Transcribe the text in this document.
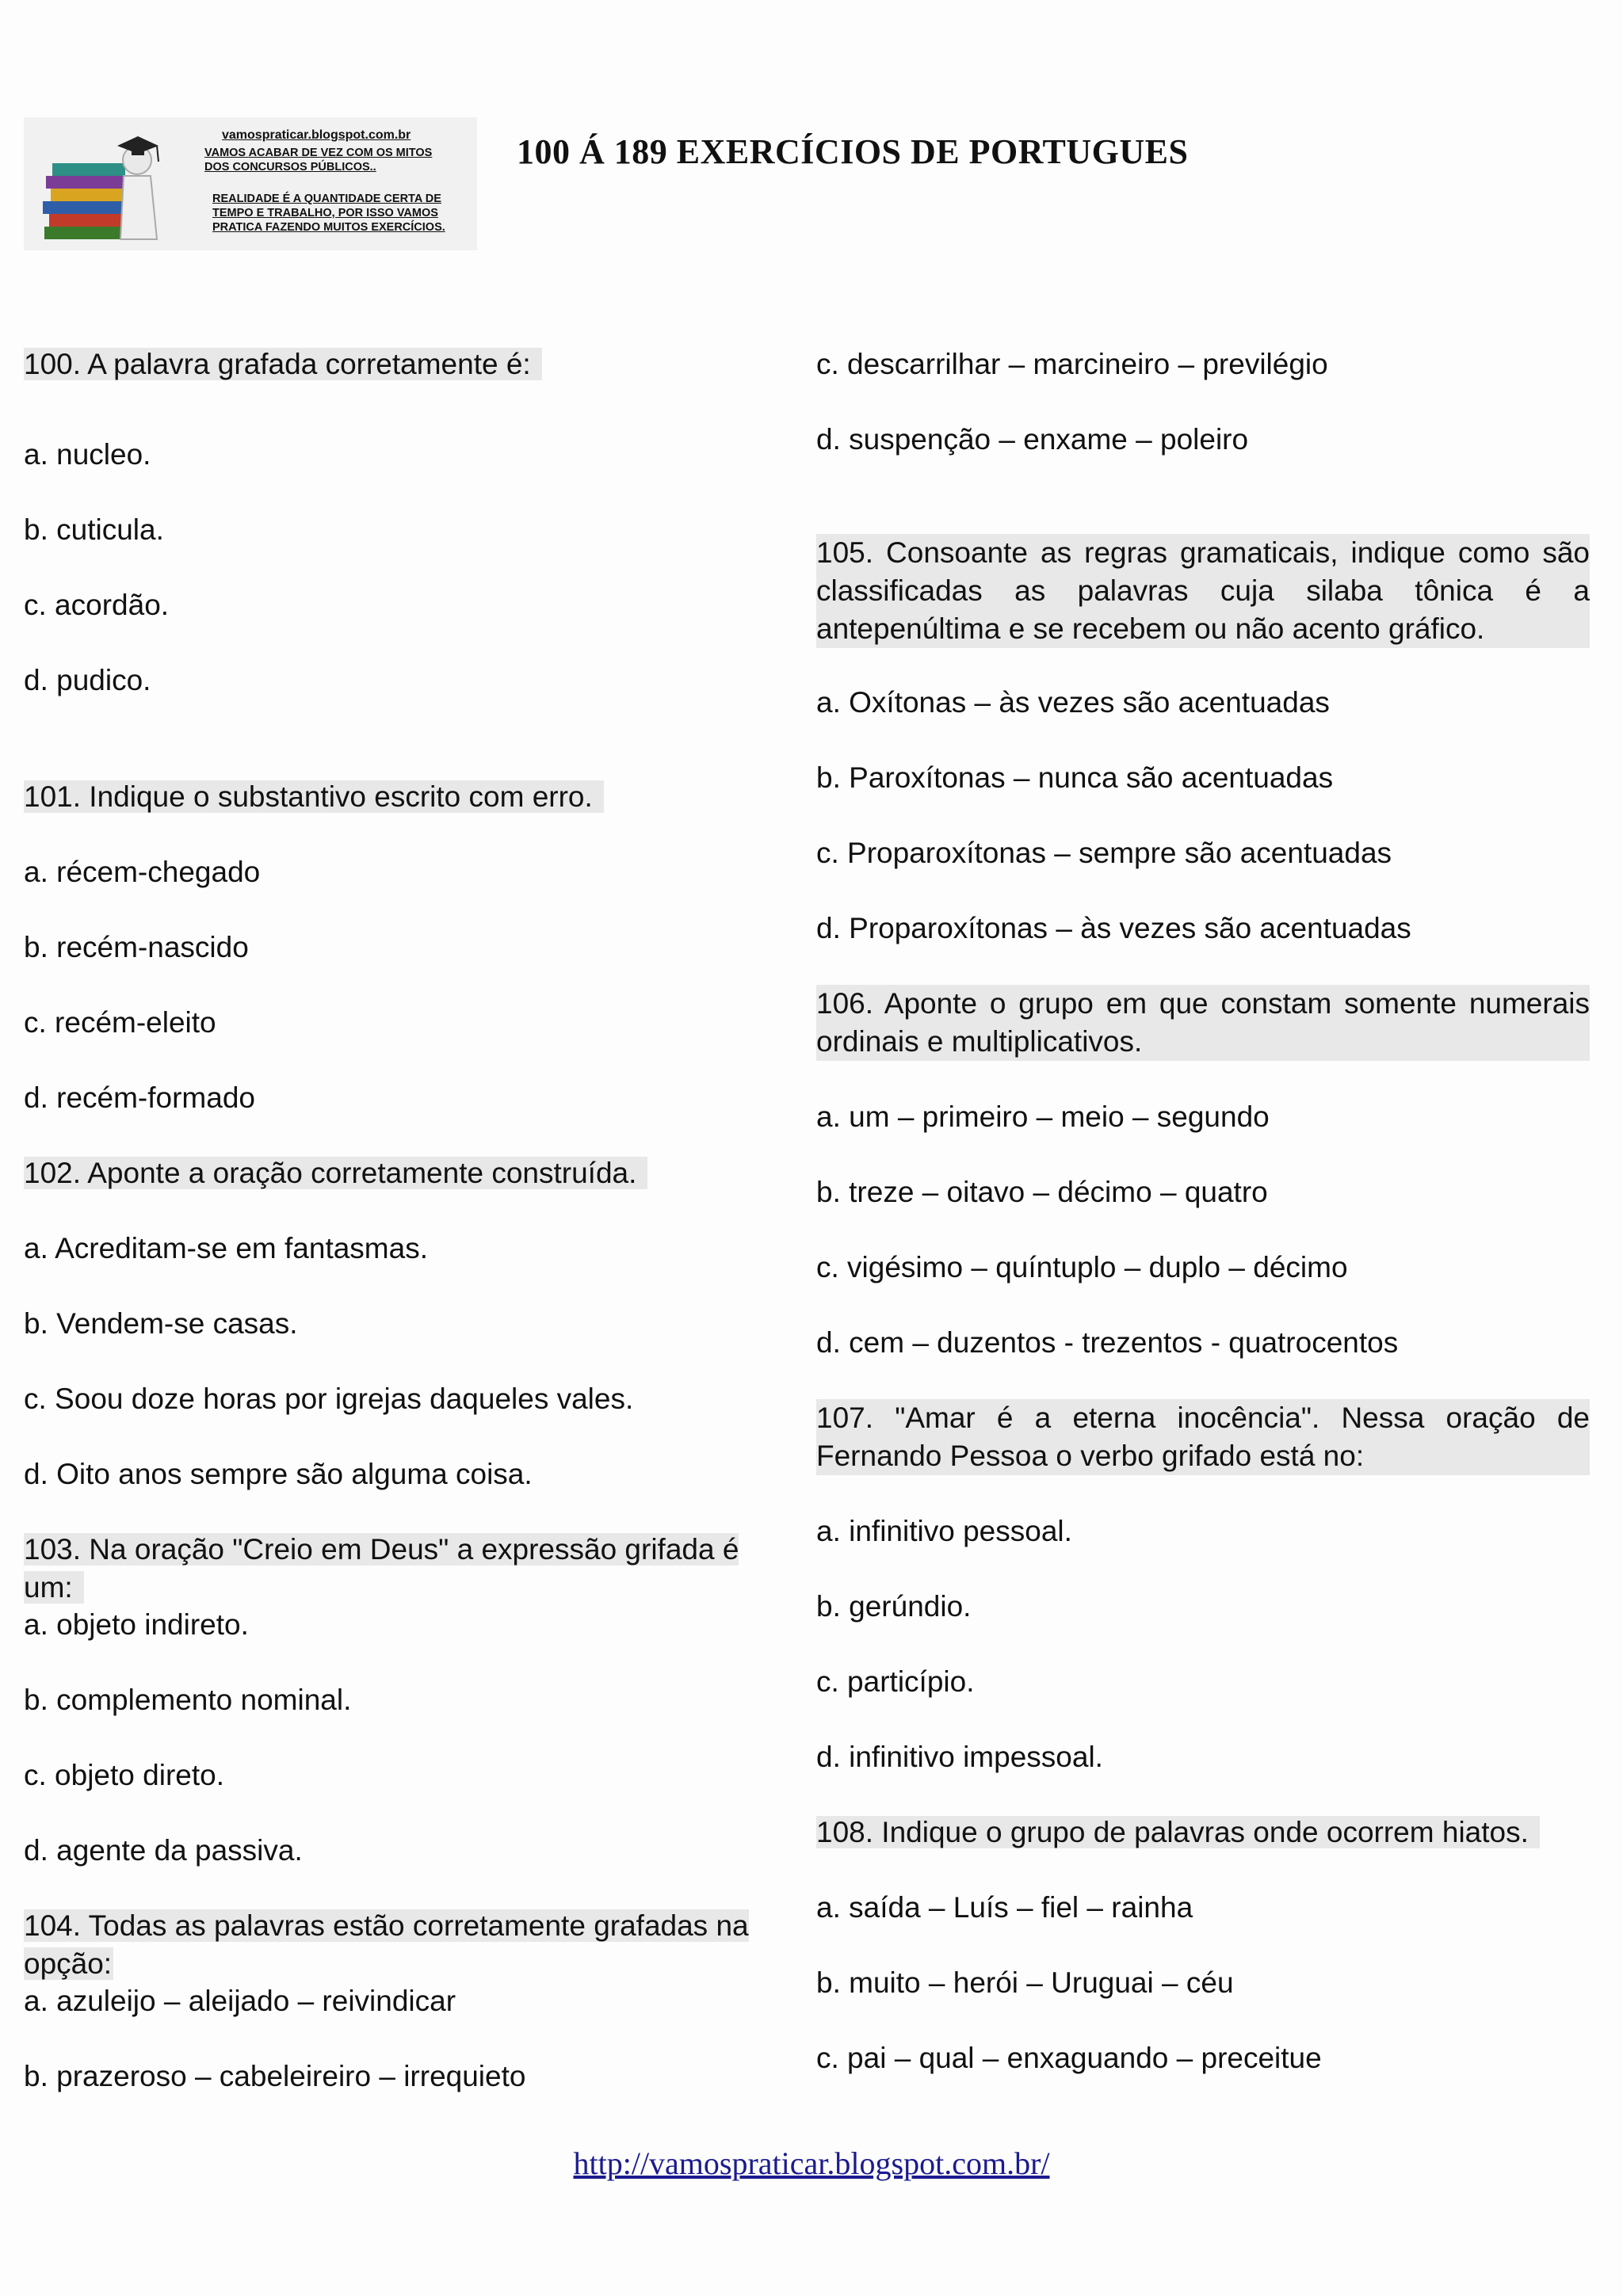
vamospraticar.blogspot.com.br
VAMOS ACABAR DE VEZ COM OS MITOS
DOS CONCURSOS PÚBLICOS..
REALIDADE É A QUANTIDADE CERTA DE
TEMPO E TRABALHO, POR ISSO VAMOS
PRATICA FAZENDO MUITOS EXERCÍCIOS.
100 Á 189 EXERCÍCIOS DE PORTUGUES
100. A palavra grafada corretamente é:
a. nucleo.
b. cuticula.
c. acordão.
d. pudico.
101. Indique o substantivo escrito com erro.
a. récem-chegado
b. recém-nascido
c. recém-eleito
d. recém-formado
102. Aponte a oração corretamente construída.
a. Acreditam-se em fantasmas.
b. Vendem-se casas.
c. Soou doze horas por igrejas daqueles vales.
d. Oito anos sempre são alguma coisa.
103. Na oração "Creio em Deus" a expressão grifada é um:
a. objeto indireto.
b. complemento nominal.
c. objeto direto.
d. agente da passiva.
104. Todas as palavras estão corretamente grafadas na opção:
a. azuleijo – aleijado – reivindicar
b. prazeroso – cabeleireiro – irrequieto
c. descarrilhar – marcineiro – previlégio
d. suspenção – enxame – poleiro
105. Consoante as regras gramaticais, indique como são classificadas as palavras cuja silaba tônica é a antepenúltima e se recebem ou não acento gráfico.
a. Oxítonas – às vezes são acentuadas
b. Paroxítonas – nunca são acentuadas
c. Proparoxítonas – sempre são acentuadas
d. Proparoxítonas – às vezes são acentuadas
106. Aponte o grupo em que constam somente numerais ordinais e multiplicativos.
a. um – primeiro – meio – segundo
b. treze – oitavo – décimo – quatro
c. vigésimo – quíntuplo – duplo – décimo
d. cem – duzentos - trezentos - quatrocentos
107. "Amar é a eterna inocência". Nessa oração de Fernando Pessoa o verbo grifado está no:
a. infinitivo pessoal.
b. gerúndio.
c. particípio.
d. infinitivo impessoal.
108. Indique o grupo de palavras onde ocorrem hiatos.
a. saída – Luís – fiel – rainha
b. muito – herói – Uruguai – céu
c. pai – qual – enxaguando – preceitue
http://vamospraticar.blogspot.com.br/
